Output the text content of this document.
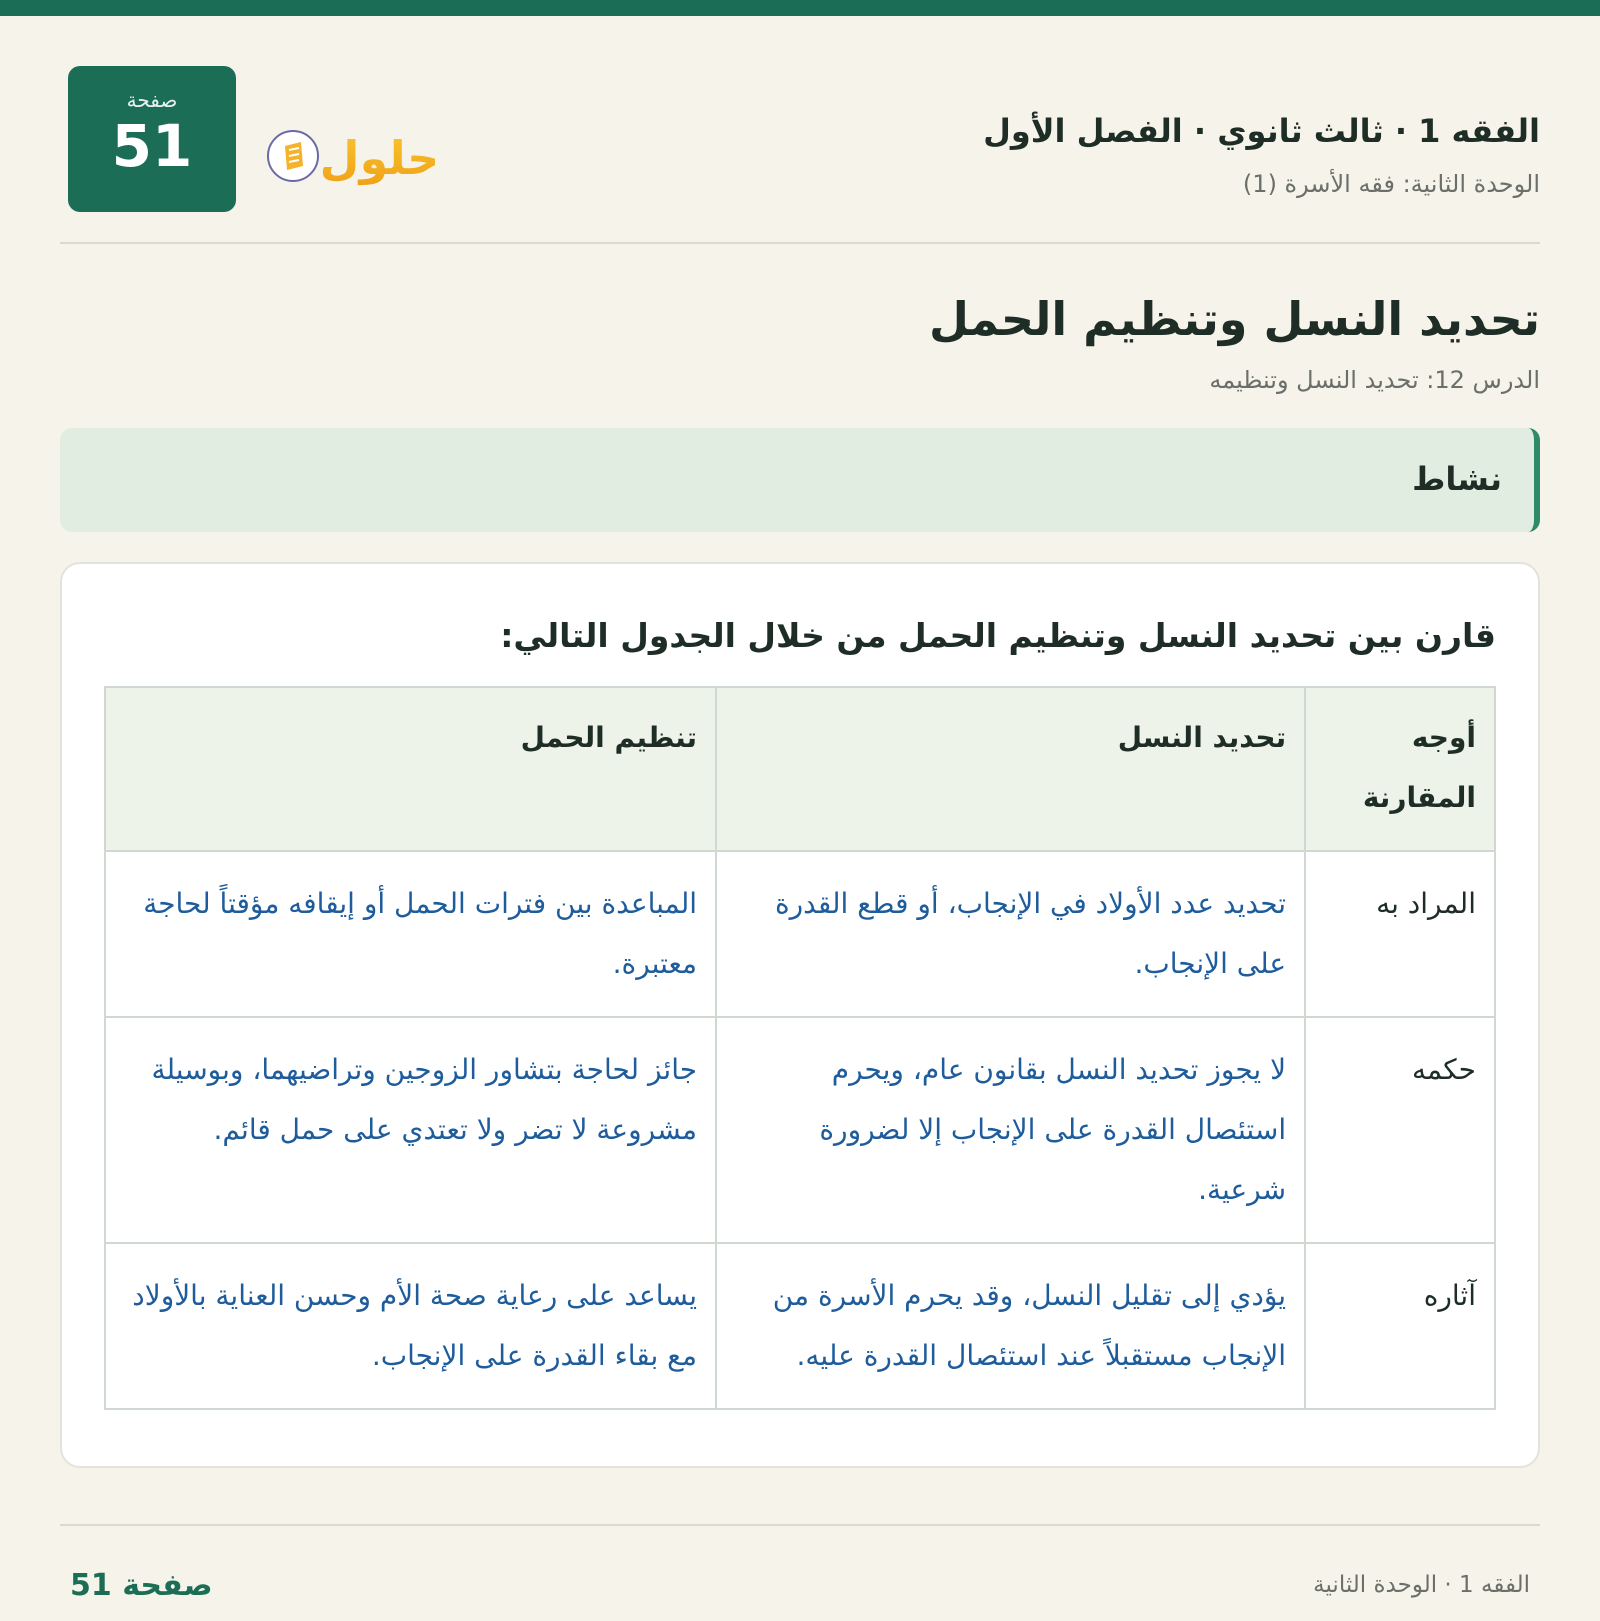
الفقه 1 · ثالث ثانوي · الفصل الأول
الوحدة الثانية: فقه الأسرة (1)
صفحة
51	حلول
تحديد النسل وتنظيم الحمل
الدرس 12: تحديد النسل وتنظيمه
نشاط
قارن بين تحديد النسل وتنظيم الحمل من خلال الجدول التالي:
أوجه المقارنة	تحديد النسل	تنظيم الحمل
المراد به	تحديد عدد الأولاد في الإنجاب، أو قطع القدرة على الإنجاب.	المباعدة بين فترات الحمل أو إيقافه مؤقتاً لحاجة معتبرة.
حكمه	لا يجوز تحديد النسل بقانون عام، ويحرم استئصال القدرة على الإنجاب إلا لضرورة شرعية.	جائز لحاجة بتشاور الزوجين وتراضيهما، وبوسيلة مشروعة لا تضر ولا تعتدي على حمل قائم.
آثاره	يؤدي إلى تقليل النسل، وقد يحرم الأسرة من الإنجاب مستقبلاً عند استئصال القدرة عليه.	يساعد على رعاية صحة الأم وحسن العناية بالأولاد مع بقاء القدرة على الإنجاب.
صفحة 51	الفقه 1 · الوحدة الثانية
